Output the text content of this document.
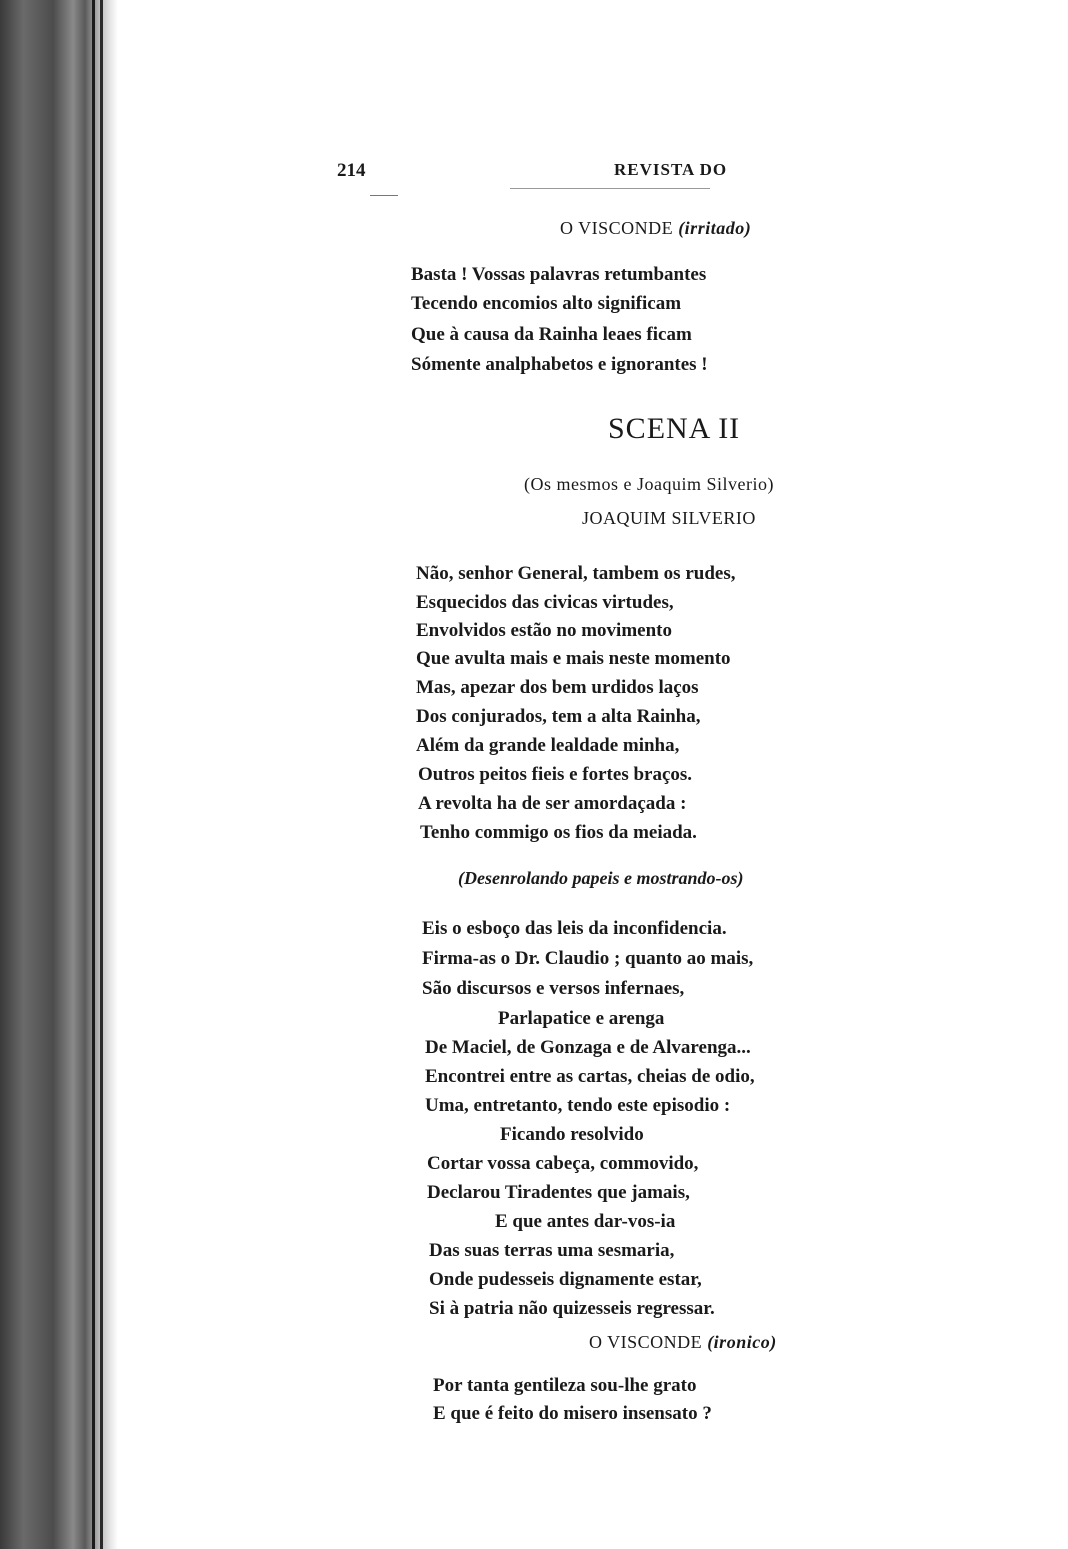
214	REVISTA DO
O VISCONDE (irritado)
Basta ! Vossas palavras retumbantes
Tecendo encomios alto significam
Que à causa da Rainha leaes ficam
Sómente analphabetos e ignorantes !
SCENA II
(Os mesmos e Joaquim Silverio)
JOAQUIM SILVERIO
Não, senhor General, tambem os rudes,
Esquecidos das civicas virtudes,
Envolvidos estão no movimento
Que avulta mais e mais neste momento
Mas, apezar dos bem urdidos laços
Dos conjurados, tem a alta Rainha,
Além da grande lealdade minha,
Outros peitos fieis e fortes braços.
A revolta ha de ser amordaçada :
Tenho commigo os fios da meiada.
(Desenrolando papeis e mostrando-os)
Eis o esboço das leis da inconfidencia.
Firma-as o Dr. Claudio ; quanto ao mais,
São discursos e versos infernaes,
Parlapatice e arenga
De Maciel, de Gonzaga e de Alvarenga...
Encontrei entre as cartas, cheias de odio,
Uma, entretanto, tendo este episodio :
Ficando resolvido
Cortar vossa cabeça, commovido,
Declarou Tiradentes que jamais,
E que antes dar-vos-ia
Das suas terras uma sesmaria,
Onde pudesseis dignamente estar,
Si à patria não quizesseis regressar.
O VISCONDE (ironico)
Por tanta gentileza sou-lhe grato
E que é feito do misero insensato ?
